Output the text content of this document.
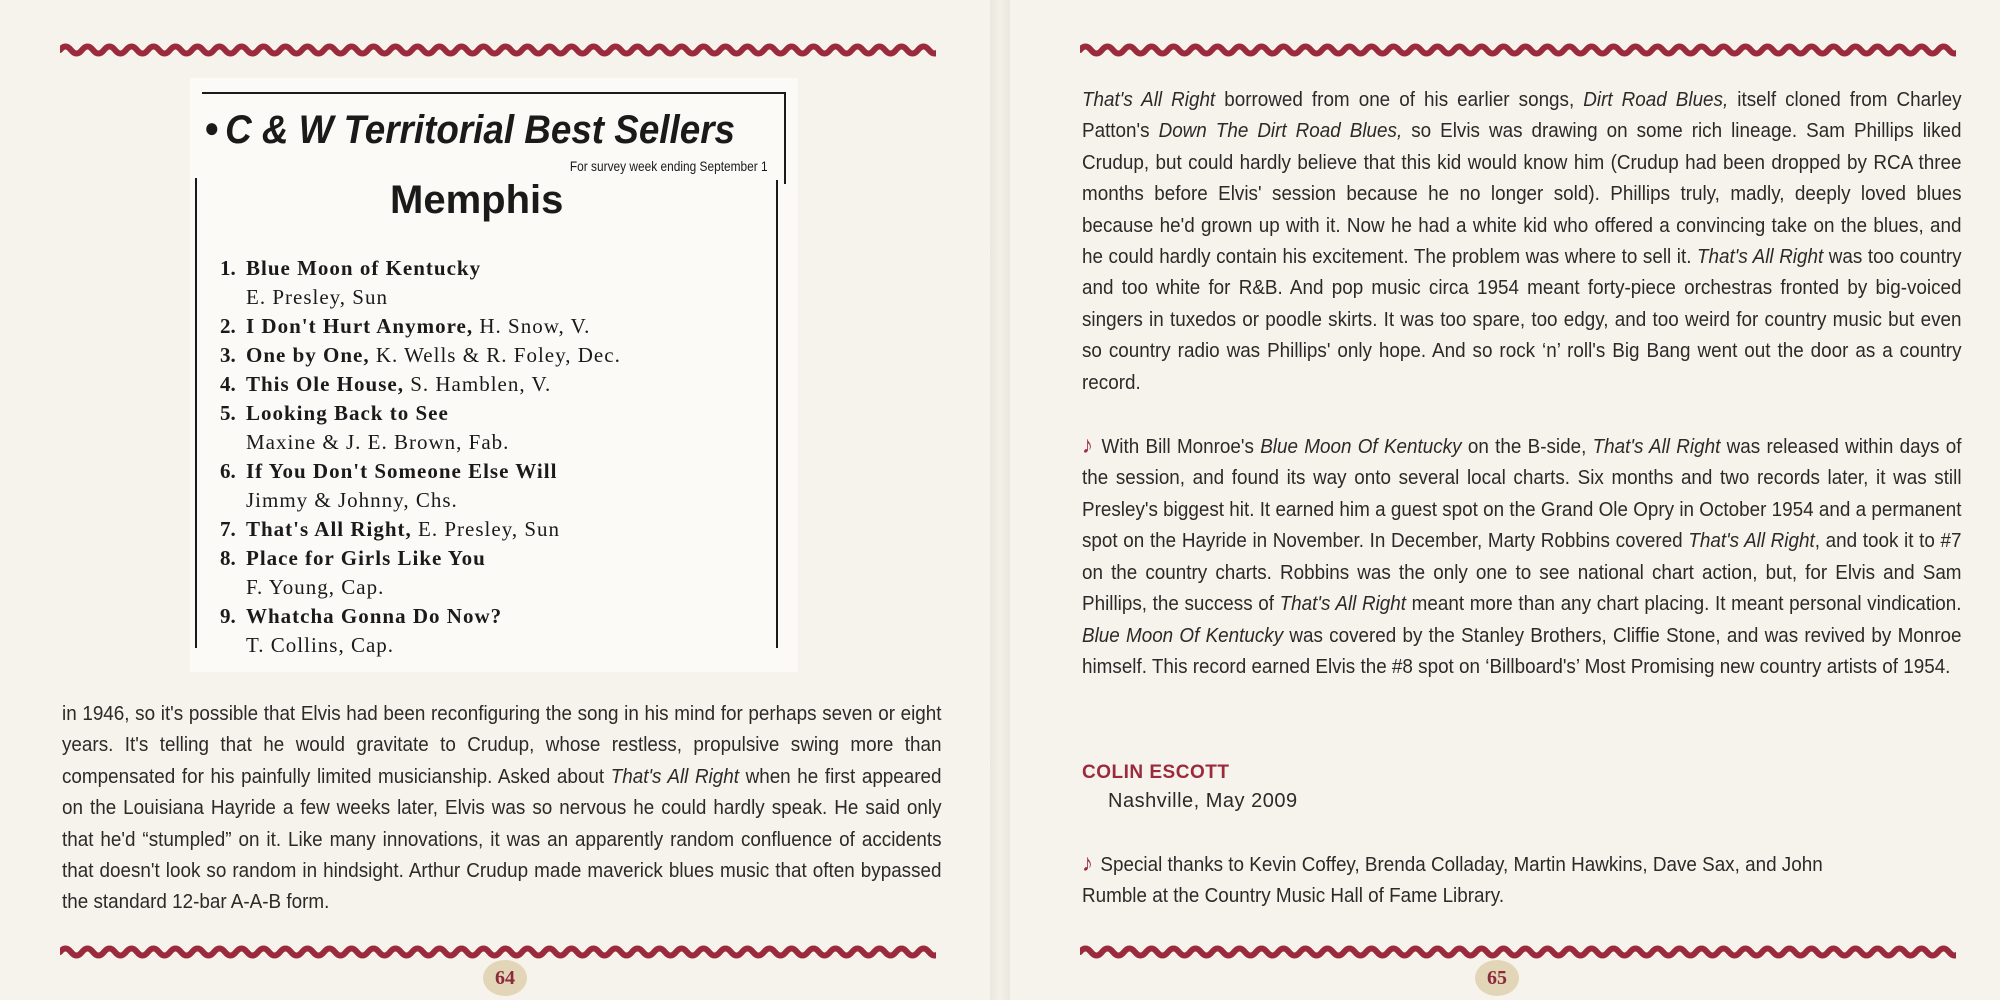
● C & W Territorial Best Sellers
For survey week ending September 1
Memphis
1. Blue Moon of Kentucky
E. Presley, Sun
2. I Don't Hurt Anymore, H. Snow, V.
3. One by One, K. Wells & R. Foley, Dec.
4. This Ole House, S. Hamblen, V.
5. Looking Back to See
Maxine & J. E. Brown, Fab.
6. If You Don't Someone Else Will
Jimmy & Johnny, Chs.
7. That's All Right, E. Presley, Sun
8. Place for Girls Like You
F. Young, Cap.
9. Whatcha Gonna Do Now?
T. Collins, Cap.

in 1946, so it's possible that Elvis had been reconfiguring the song in his mind for perhaps seven or eight years. It's telling that he would gravitate to Crudup, whose restless, propulsive swing more than compensated for his painfully limited musicianship. Asked about That's All Right when he first appeared on the Louisiana Hayride a few weeks later, Elvis was so nervous he could hardly speak. He said only that he'd “stumpled” on it. Like many innovations, it was an apparently random confluence of accidents that doesn't look so random in hindsight. Arthur Crudup made maverick blues music that often bypassed the standard 12-bar A-A-B form.

That's All Right borrowed from one of his earlier songs, Dirt Road Blues, itself cloned from Charley Patton's Down The Dirt Road Blues, so Elvis was drawing on some rich lineage. Sam Phillips liked Crudup, but could hardly believe that this kid would know him (Crudup had been dropped by RCA three months before Elvis' session because he no longer sold). Phillips truly, madly, deeply loved blues because he'd grown up with it. Now he had a white kid who offered a convincing take on the blues, and he could hardly contain his excitement. The problem was where to sell it. That's All Right was too country and too white for R&B. And pop music circa 1954 meant forty-piece orchestras fronted by big-voiced singers in tuxedos or poodle skirts. It was too spare, too edgy, and too weird for country music but even so country radio was Phillips' only hope. And so rock ‘n’ roll's Big Bang went out the door as a country record.

♪ With Bill Monroe's Blue Moon Of Kentucky on the B-side, That's All Right was released within days of the session, and found its way onto several local charts. Six months and two records later, it was still Presley's biggest hit. It earned him a guest spot on the Grand Ole Opry in October 1954 and a permanent spot on the Hayride in November. In December, Marty Robbins covered That's All Right, and took it to #7 on the country charts. Robbins was the only one to see national chart action, but, for Elvis and Sam Phillips, the success of That's All Right meant more than any chart placing. It meant personal vindication. Blue Moon Of Kentucky was covered by the Stanley Brothers, Cliffie Stone, and was revived by Monroe himself. This record earned Elvis the #8 spot on ‘Billboard's’ Most Promising new country artists of 1954.

COLIN ESCOTT
Nashville, May 2009
♪ Special thanks to Kevin Coffey, Brenda Colladay, Martin Hawkins, Dave Sax, and John Rumble at the Country Music Hall of Fame Library.
64	65
